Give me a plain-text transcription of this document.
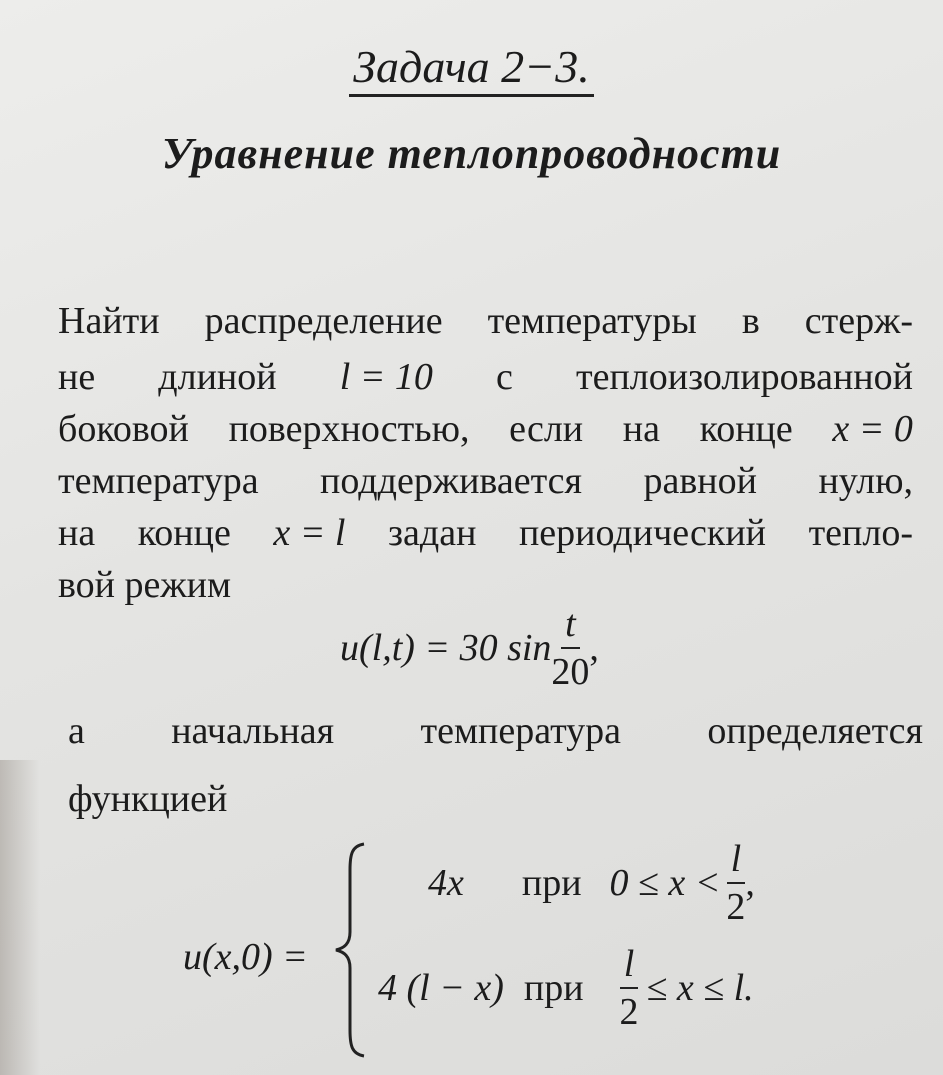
Задача 2−3.
Уравнение теплопроводности
Найти распределение температуры в стерж-
не длиной l = 10 с теплоизолированной
боковой поверхностью, если на конце x = 0
температура поддерживается равной нулю,
на конце x = l задан периодический тепло-
вой режим
u(l,t) = 30 $\sin \frac{t}{20}$ ,
а начальная температура определяется
функцией
u(x,0) =
4x при $0 \le x < \frac{l}{2}$ ,
4 (l − x) при $\frac{l}{2} \le x \le l$.
